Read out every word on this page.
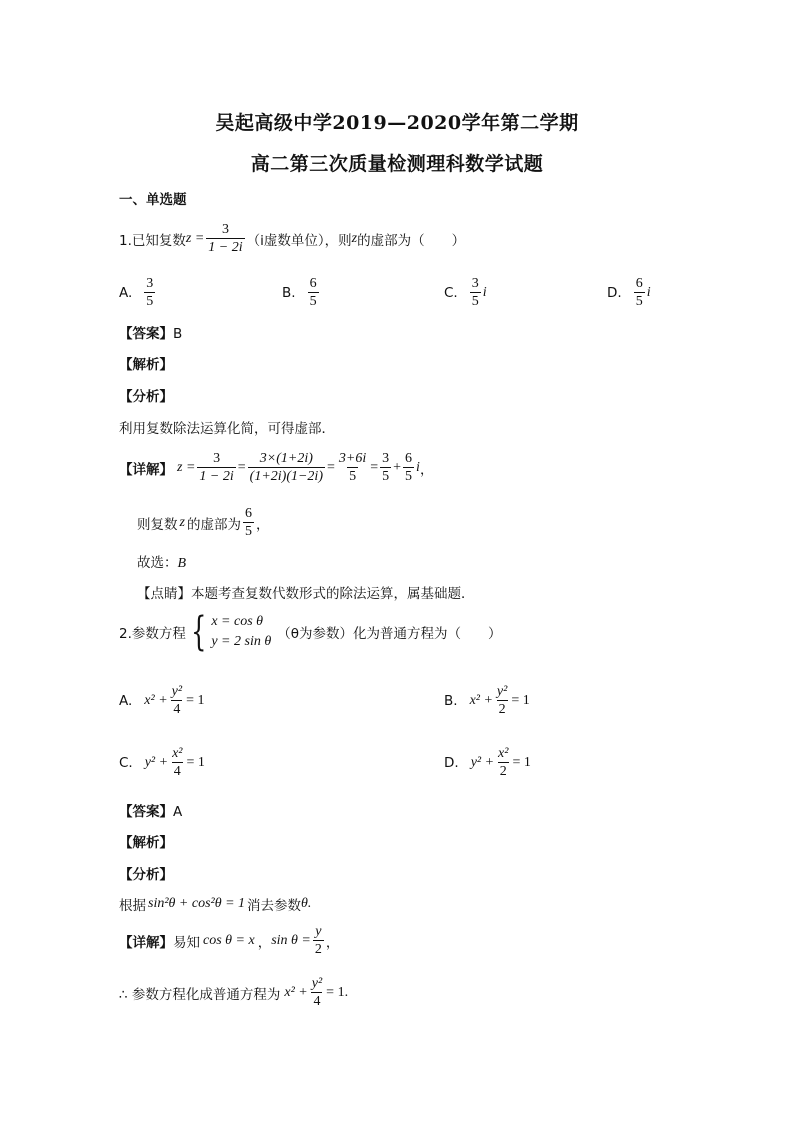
吴起高级中学2019—2020学年第二学期
高二第三次质量检测理科数学试题
一、单选题
1.已知复数 $z = \frac{3}{1 - 2i} (i$虚数单位），则 z 的虚部为（　　）
A. $\frac{3}{5}$	B. $\frac{6}{5}$	C. $\frac{3}{5}$ i	D. $\frac{6}{5}$ i
【答案】B
【解析】
【分析】
利用复数除法运算化简，可得虚部．
【详解】 $z = \frac{3}{1 - 2i} = \frac{3\times(1+2i)}{(1+2i)(1-2i)} = \frac{3+6i}{5} = \frac{3}{5} + \frac{6}{5}$ i ，
则复数 z 的虚部为 $\frac{6}{5}$ ，
故选：B
【点睛】本题考查复数代数形式的除法运算，属基础题．
2.参数方程 { x = cos θ
y = 2 sin θ （θ为参数）化为普通方程为（　　）
A. $x^2 + \frac{\text{y²}}{4} = 1$	B. $x^2 + \frac{\text{y²}}{2} = 1$
C. $y^2 + \frac{\text{x²}}{4} = 1$	D. $y^2 + \frac{\text{x²}}{2} = 1$
【答案】A
【解析】
【分析】
根据 sin²θ + cos²θ = 1 消去参数 θ.
【详解】 易知 cos θ = x ， $\sin \theta = \frac{y}{2}$ ，
∴ 参数方程化成普通方程为 $x^2 + \frac{\text{y²}}{4} = 1$.
